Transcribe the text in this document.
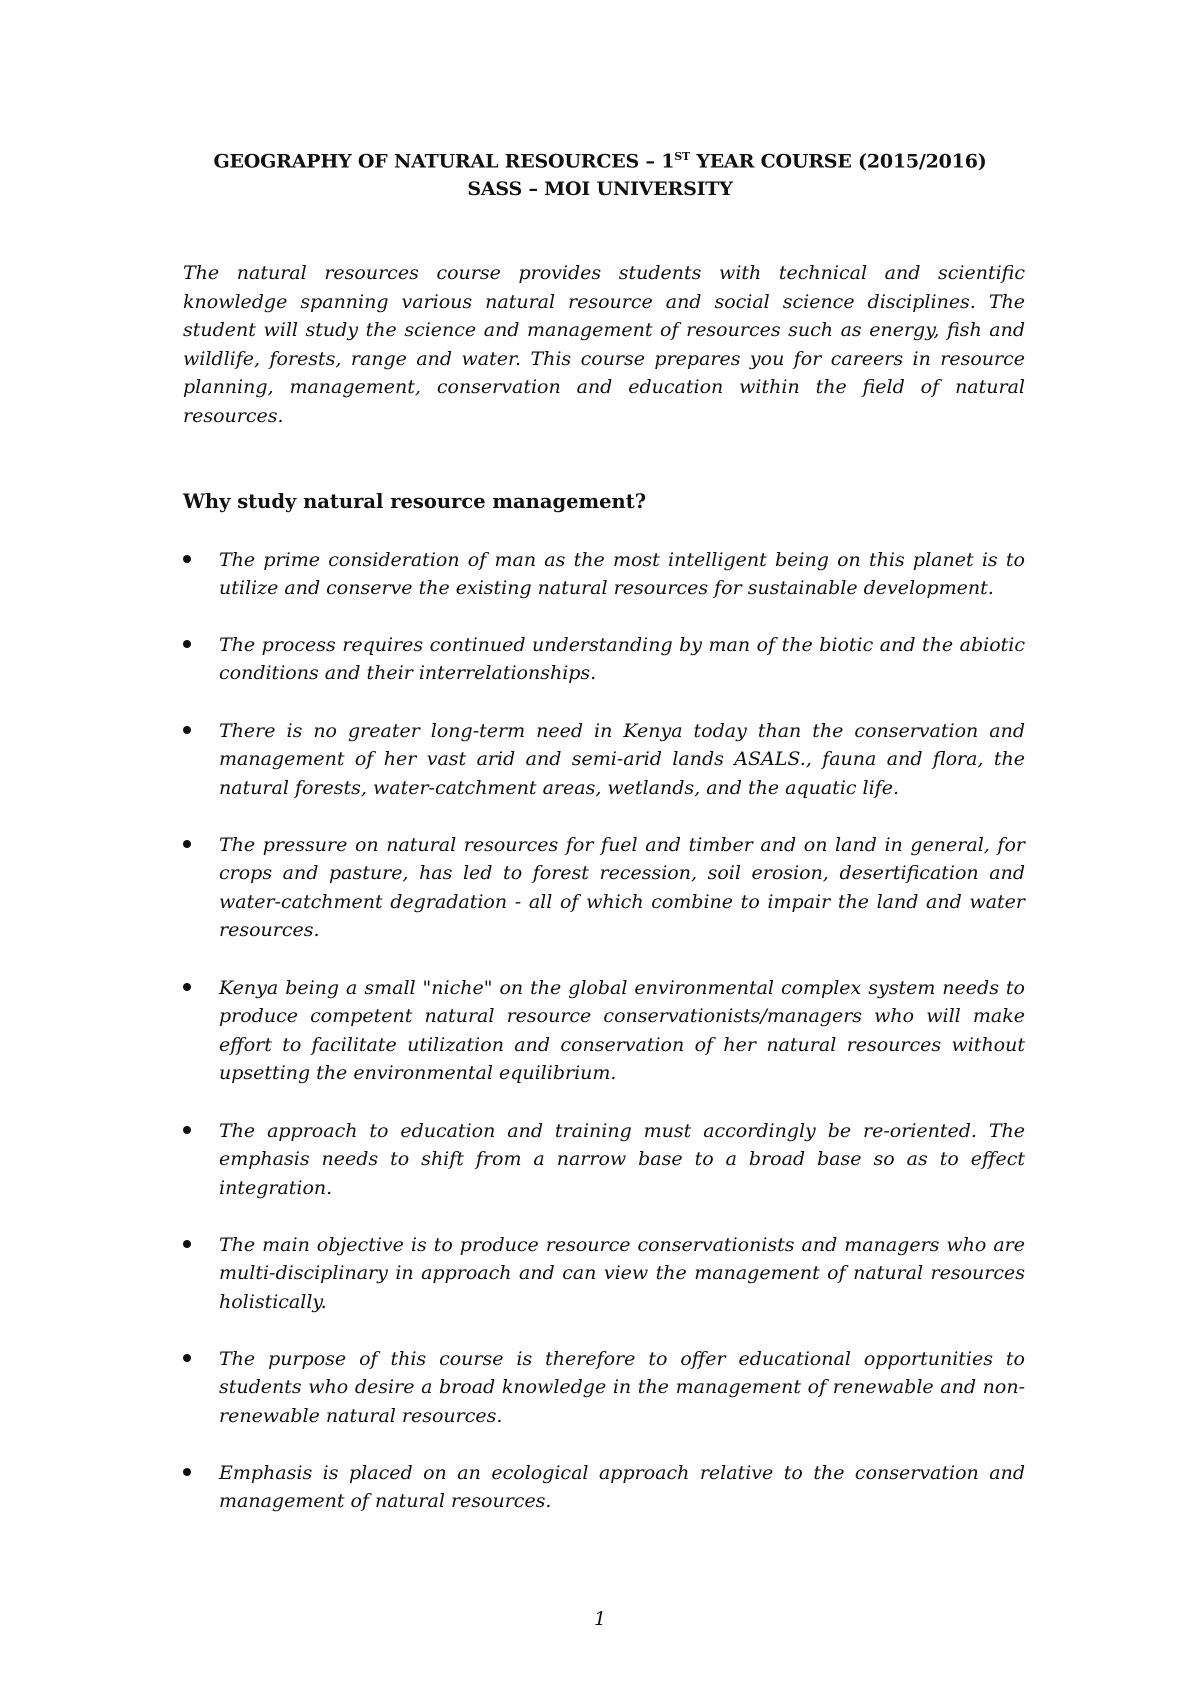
GEOGRAPHY OF NATURAL RESOURCES – 1ST YEAR COURSE (2015/2016)
SASS – MOI UNIVERSITY

The natural resources course provides students with technical and scientific knowledge spanning various natural resource and social science disciplines. The student will study the science and management of resources such as energy, fish and wildlife, forests, range and water. This course prepares you for careers in resource planning, management, conservation and education within the field of natural resources.

Why study natural resource management?

The prime consideration of man as the most intelligent being on this planet is to utilize and conserve the existing natural resources for sustainable development.

The process requires continued understanding by man of the biotic and the abiotic conditions and their interrelationships.

There is no greater long-term need in Kenya today than the conservation and management of her vast arid and semi-arid lands ASALS., fauna and flora, the natural forests, water-catchment areas, wetlands, and the aquatic life.

The pressure on natural resources for fuel and timber and on land in general, for crops and pasture, has led to forest recession, soil erosion, desertification and water-catchment degradation - all of which combine to impair the land and water resources.

Kenya being a small "niche" on the global environmental complex system needs to produce competent natural resource conservationists/managers who will make effort to facilitate utilization and conservation of her natural resources without upsetting the environmental equilibrium.

The approach to education and training must accordingly be re-oriented. The emphasis needs to shift from a narrow base to a broad base so as to effect integration.

The main objective is to produce resource conservationists and managers who are multi-disciplinary in approach and can view the management of natural resources holistically.

The purpose of this course is therefore to offer educational opportunities to students who desire a broad knowledge in the management of renewable and non-renewable natural resources.

Emphasis is placed on an ecological approach relative to the conservation and management of natural resources.

1
